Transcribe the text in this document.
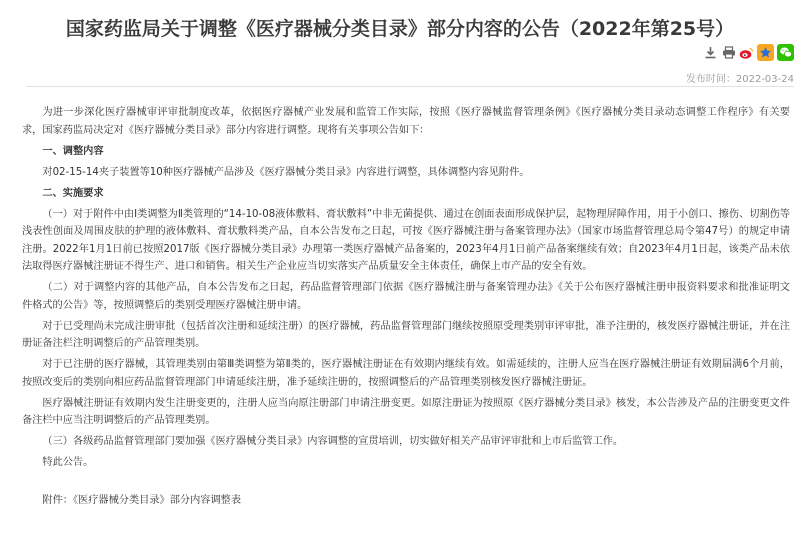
国家药监局关于调整《医疗器械分类目录》部分内容的公告（2022年第25号）
发布时间：2022-03-24

为进一步深化医疗器械审评审批制度改革，依据医疗器械产业发展和监管工作实际，按照《医疗器械监督管理条例》《医疗器械分类目录动态调整工作程序》有关要求，国家药监局决定对《医疗器械分类目录》部分内容进行调整。现将有关事项公告如下：

一、调整内容

对02-15-14夹子装置等10种医疗器械产品涉及《医疗器械分类目录》内容进行调整，具体调整内容见附件。

二、实施要求

（一）对于附件中由Ⅰ类调整为Ⅱ类管理的“14-10-08液体敷料、膏状敷料”中非无菌提供、通过在创面表面形成保护层，起物理屏障作用，用于小创口、擦伤、切割伤等浅表性创面及周围皮肤的护理的液体敷料、膏状敷料类产品，自本公告发布之日起，可按《医疗器械注册与备案管理办法》（国家市场监督管理总局令第47号）的规定申请注册。2022年1月1日前已按照2017版《医疗器械分类目录》办理第一类医疗器械产品备案的，2023年4月1日前产品备案继续有效；自2023年4月1日起，该类产品未依法取得医疗器械注册证不得生产、进口和销售。相关生产企业应当切实落实产品质量安全主体责任，确保上市产品的安全有效。

（二）对于调整内容的其他产品，自本公告发布之日起，药品监督管理部门依据《医疗器械注册与备案管理办法》《关于公布医疗器械注册申报资料要求和批准证明文件格式的公告》等，按照调整后的类别受理医疗器械注册申请。

对于已受理尚未完成注册审批（包括首次注册和延续注册）的医疗器械，药品监督管理部门继续按照原受理类别审评审批，准予注册的，核发医疗器械注册证，并在注册证备注栏注明调整后的产品管理类别。

对于已注册的医疗器械，其管理类别由第Ⅲ类调整为第Ⅱ类的，医疗器械注册证在有效期内继续有效。如需延续的，注册人应当在医疗器械注册证有效期届满6个月前，按照改变后的类别向相应药品监督管理部门申请延续注册，准予延续注册的，按照调整后的产品管理类别核发医疗器械注册证。

医疗器械注册证有效期内发生注册变更的，注册人应当向原注册部门申请注册变更。如原注册证为按照原《医疗器械分类目录》核发，本公告涉及产品的注册变更文件备注栏中应当注明调整后的产品管理类别。

（三）各级药品监督管理部门要加强《医疗器械分类目录》内容调整的宣贯培训，切实做好相关产品审评审批和上市后监管工作。

特此公告。

附件：《医疗器械分类目录》部分内容调整表
